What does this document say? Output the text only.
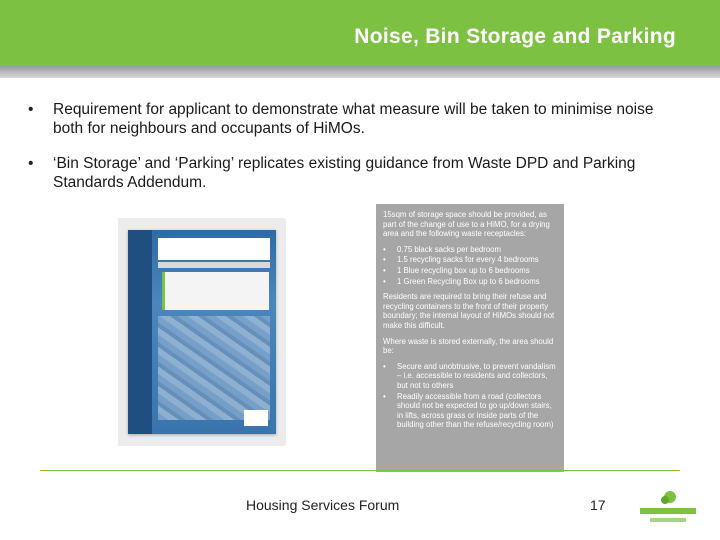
Noise, Bin Storage and Parking
•	Requirement for applicant to demonstrate what measure will be taken to minimise noise both for neighbours and occupants of HiMOs.
•	‘Bin Storage’ and ‘Parking’ replicates existing guidance from Waste DPD and Parking Standards Addendum.

15sqm of storage space should be provided, as part of the change of use to a HiMO, for a drying area and the following waste receptacles:

•	0.75 black sacks per bedroom
•	1.5 recycling sacks for every 4 bedrooms
•	1 Blue recycling box up to 6 bedrooms
•	1 Green Recycling Box up to 6 bedrooms

Residents are required to bring their refuse and recycling containers to the front of their property boundary; the internal layout of HiMOs should not make this difficult.

Where waste is stored externally, the area should be:

•	Secure and unobtrusive, to prevent vandalism – i.e. accessible to residents and collectors, but not to others
•	Readily accessible from a road (collectors should not be expected to go up/down stairs, in lifts, across grass or inside parts of the building other than the refuse/recycling room)
Housing Services Forum	17
